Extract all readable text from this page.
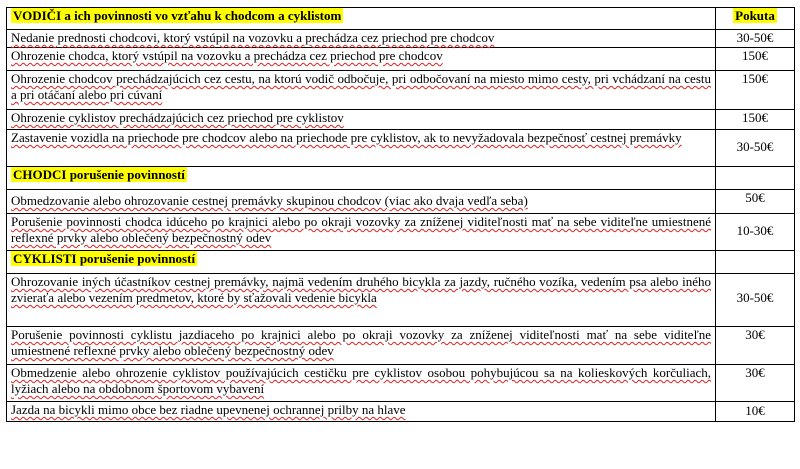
VODIČI a ich povinnosti vo vzťahu k chodcom a cyklistom	Pokuta
Nedanie prednosti chodcovi, ktorý vstúpil na vozovku a prechádza cez priechod pre chodcov	30-50€
Ohrozenie chodca, ktorý vstúpil na vozovku a prechádza cez priechod pre chodcov	150€
Ohrozenie chodcov prechádzajúcich cez cestu, na ktorú vodič odbočuje, pri odbočovaní na miesto mimo cesty, pri vchádzaní na cestu a pri otáčaní alebo pri cúvaní	150€
Ohrozenie cyklistov prechádzajúcich cez priechod pre cyklistov	150€
Zastavenie vozidla na priechode pre chodcov alebo na priechode pre cyklistov, ak to nevyžadovala bezpečnosť cestnej premávky	30-50€
CHODCI porušenie povinností	
Obmedzovanie alebo ohrozovanie cestnej premávky skupinou chodcov (viac ako dvaja vedľa seba)	50€
Porušenie povinnosti chodca idúceho po krajnici alebo po okraji vozovky za zníženej viditeľnosti mať na sebe viditeľne umiestnené reflexné prvky alebo oblečený bezpečnostný odev	10-30€
CYKLISTI porušenie povinností	
Ohrozovanie iných účastníkov cestnej premávky, najmä vedením druhého bicykla za jazdy, ručného vozíka, vedením psa alebo iného zvieraťa alebo vezením predmetov, ktoré by sťažovali vedenie bicykla	30-50€
Porušenie povinnosti cyklistu jazdiaceho po krajnici alebo po okraji vozovky za zníženej viditeľnosti mať na sebe viditeľne umiestnené reflexné prvky alebo oblečený bezpečnostný odev	30€
Obmedzenie alebo ohrozenie cyklistov používajúcich cestičku pre cyklistov osobou pohybujúcou sa na kolieskových korčuliach, lyžiach alebo na obdobnom športovom vybavení	30€
Jazda na bicykli mimo obce bez riadne upevnenej ochrannej prilby na hlave	10€
